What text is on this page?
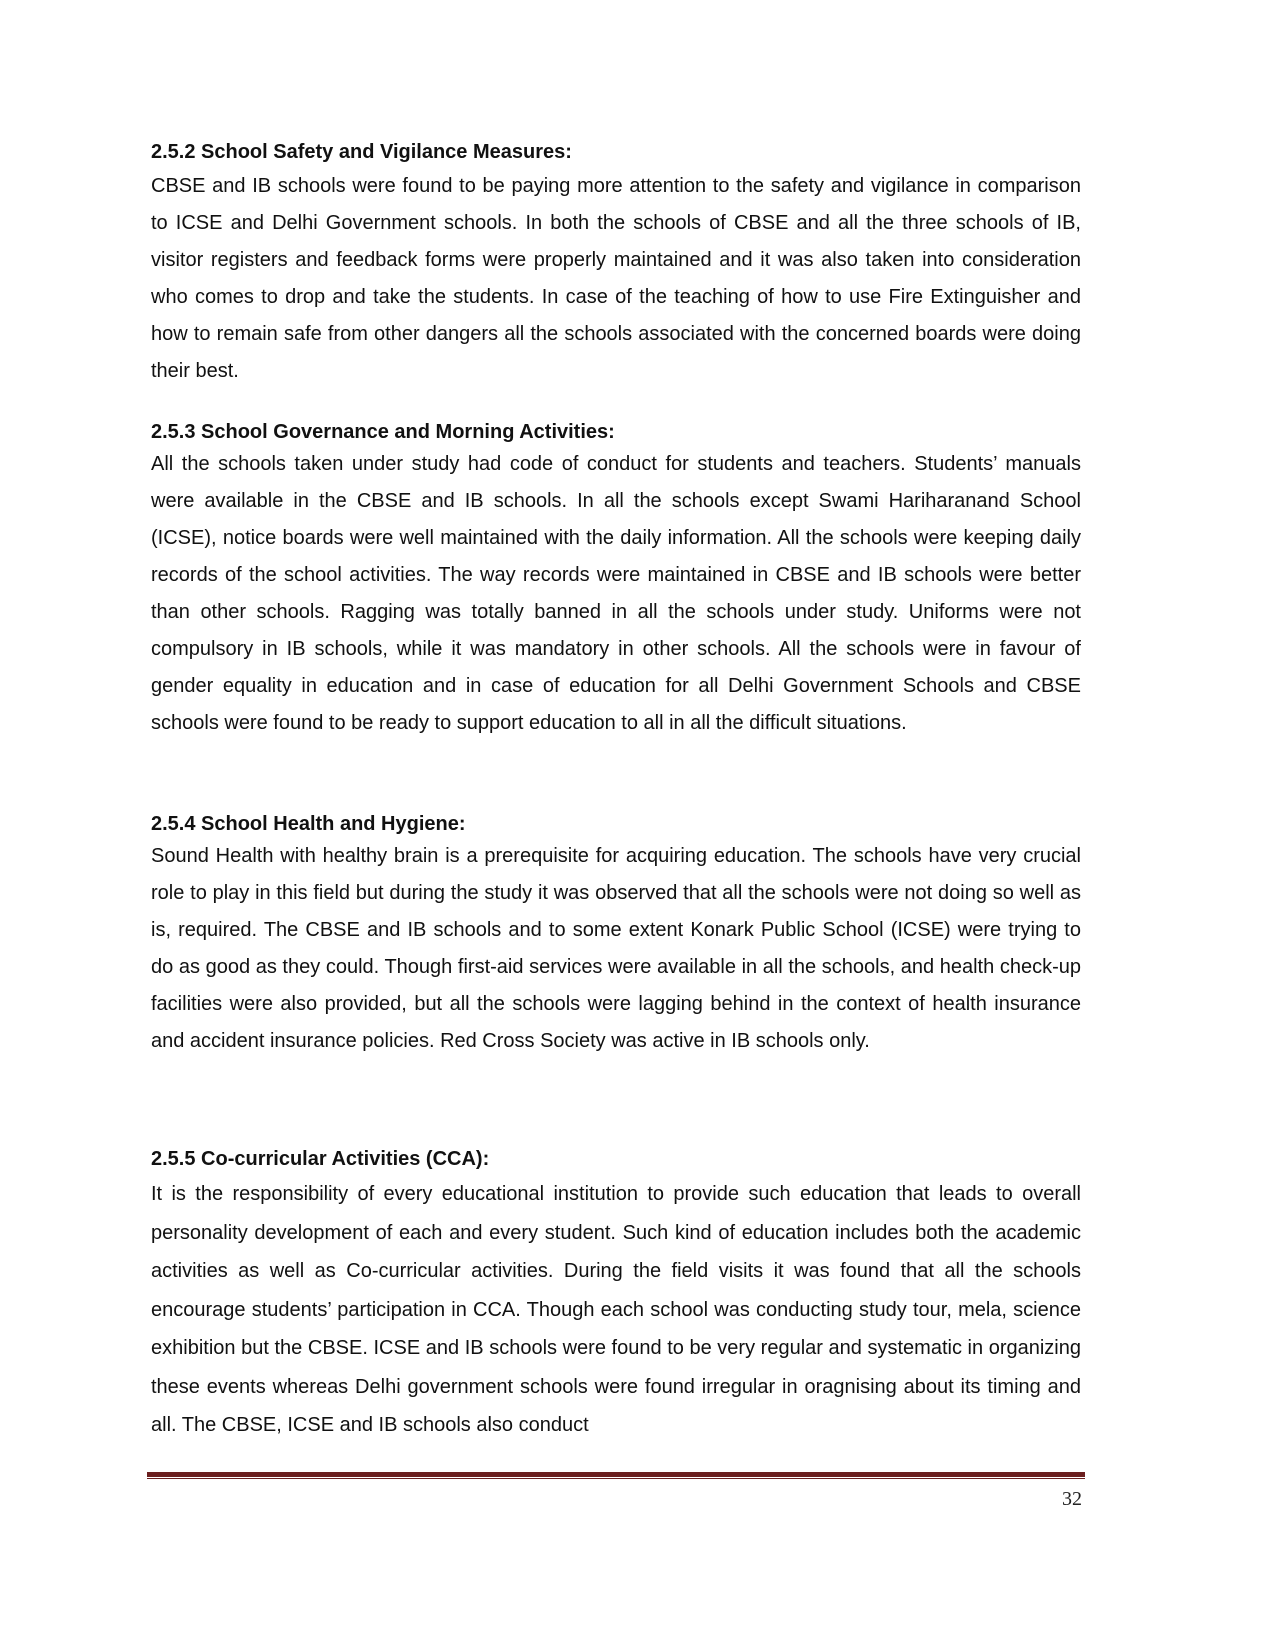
2.5.2 School Safety and Vigilance Measures:

CBSE and IB schools were found to be paying more attention to the safety and vigilance in comparison to ICSE and Delhi Government schools. In both the schools of CBSE and all the three schools of IB, visitor registers and feedback forms were properly maintained and it was also taken into consideration who comes to drop and take the students. In case of the teaching of how to use Fire Extinguisher and how to remain safe from other dangers all the schools associated with the concerned boards were doing their best.

2.5.3 School Governance and Morning Activities:

All the schools taken under study had code of conduct for students and teachers. Students’ manuals were available in the CBSE and IB schools. In all the schools except Swami Hariharanand School (ICSE), notice boards were well maintained with the daily information. All the schools were keeping daily records of the school activities. The way records were maintained in CBSE and IB schools were better than other schools. Ragging was totally banned in all the schools under study. Uniforms were not compulsory in IB schools, while it was mandatory in other schools. All the schools were in favour of gender equality in education and in case of education for all Delhi Government Schools and CBSE schools were found to be ready to support education to all in all the difficult situations.

2.5.4 School Health and Hygiene:

Sound Health with healthy brain is a prerequisite for acquiring education. The schools have very crucial role to play in this field but during the study it was observed that all the schools were not doing so well as is, required. The CBSE and IB schools and to some extent Konark Public School (ICSE) were trying to do as good as they could. Though first-aid services were available in all the schools, and health check-up facilities were also provided, but all the schools were lagging behind in the context of health insurance and accident insurance policies. Red Cross Society was active in IB schools only.

2.5.5 Co-curricular Activities (CCA):

It is the responsibility of every educational institution to provide such education that leads to overall personality development of each and every student. Such kind of education includes both the academic activities as well as Co-curricular activities. During the field visits it was found that all the schools encourage students’ participation in CCA. Though each school was conducting study tour, mela, science exhibition but the CBSE. ICSE and IB schools were found to be very regular and systematic in organizing these events whereas Delhi government schools were found irregular in oragnising about its timing and all. The CBSE, ICSE and IB schools also conduct

32
